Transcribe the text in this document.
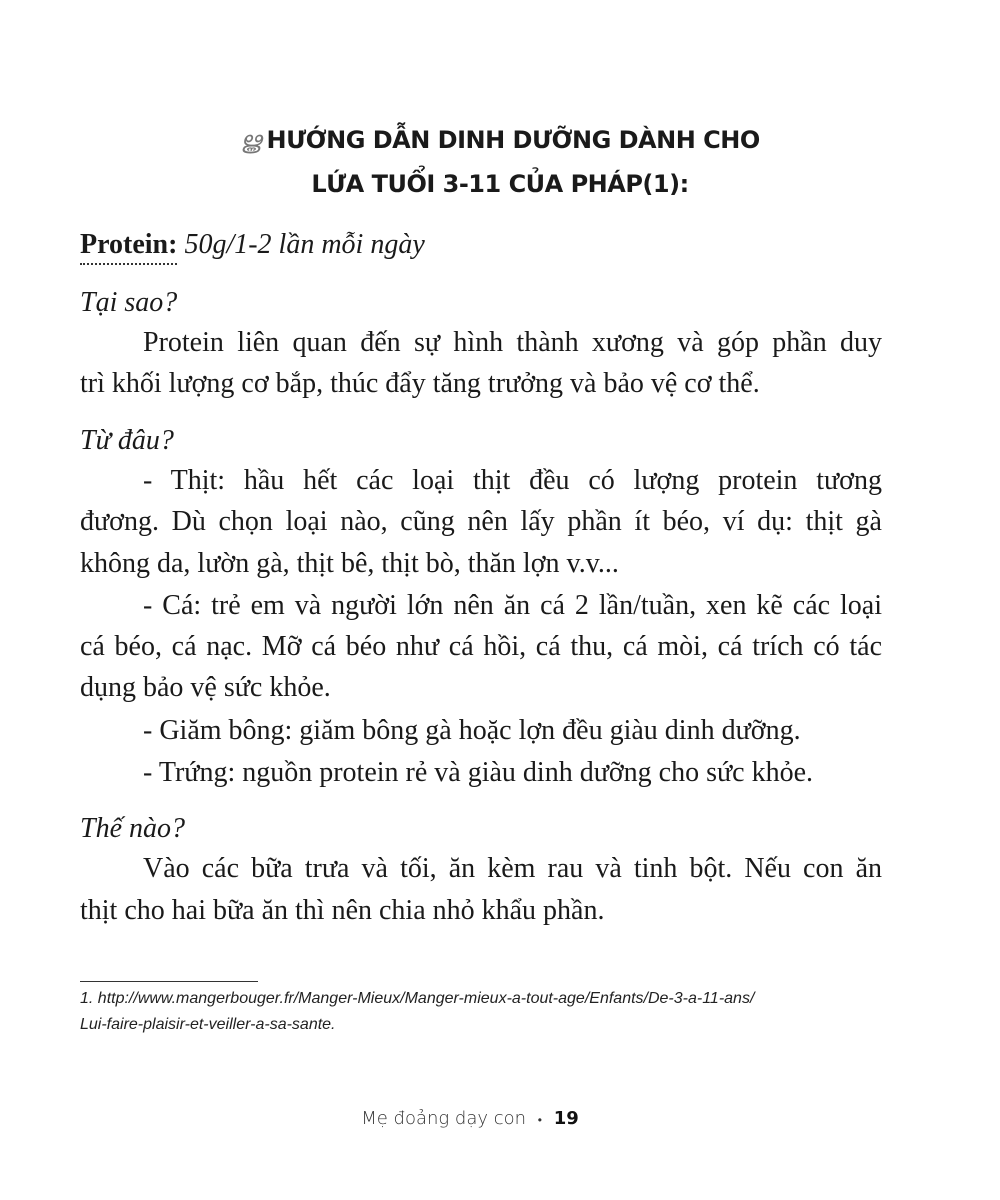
ൠ HƯỚNG DẪN DINH DƯỠNG DÀNH CHO
LỨA TUỔI 3-11 CỦA PHÁP(1):
Protein: 50g/1-2 lần mỗi ngày
Tại sao?
Protein liên quan đến sự hình thành xương và góp phần duy
trì khối lượng cơ bắp, thúc đẩy tăng trưởng và bảo vệ cơ thể.
Từ đâu?
- Thịt: hầu hết các loại thịt đều có lượng protein tương
đương. Dù chọn loại nào, cũng nên lấy phần ít béo, ví dụ: thịt gà
không da, lườn gà, thịt bê, thịt bò, thăn lợn v.v...
- Cá: trẻ em và người lớn nên ăn cá 2 lần/tuần, xen kẽ các loại
cá béo, cá nạc. Mỡ cá béo như cá hồi, cá thu, cá mòi, cá trích có tác
dụng bảo vệ sức khỏe.
- Giăm bông: giăm bông gà hoặc lợn đều giàu dinh dưỡng.
- Trứng: nguồn protein rẻ và giàu dinh dưỡng cho sức khỏe.
Thế nào?
Vào các bữa trưa và tối, ăn kèm rau và tinh bột. Nếu con ăn
thịt cho hai bữa ăn thì nên chia nhỏ khẩu phần.
1. http://www.mangerbouger.fr/Manger-Mieux/Manger-mieux-a-tout-age/Enfants/De-3-a-11-ans/
Lui-faire-plaisir-et-veiller-a-sa-sante.
Mẹ đoảng dạy con • 19
